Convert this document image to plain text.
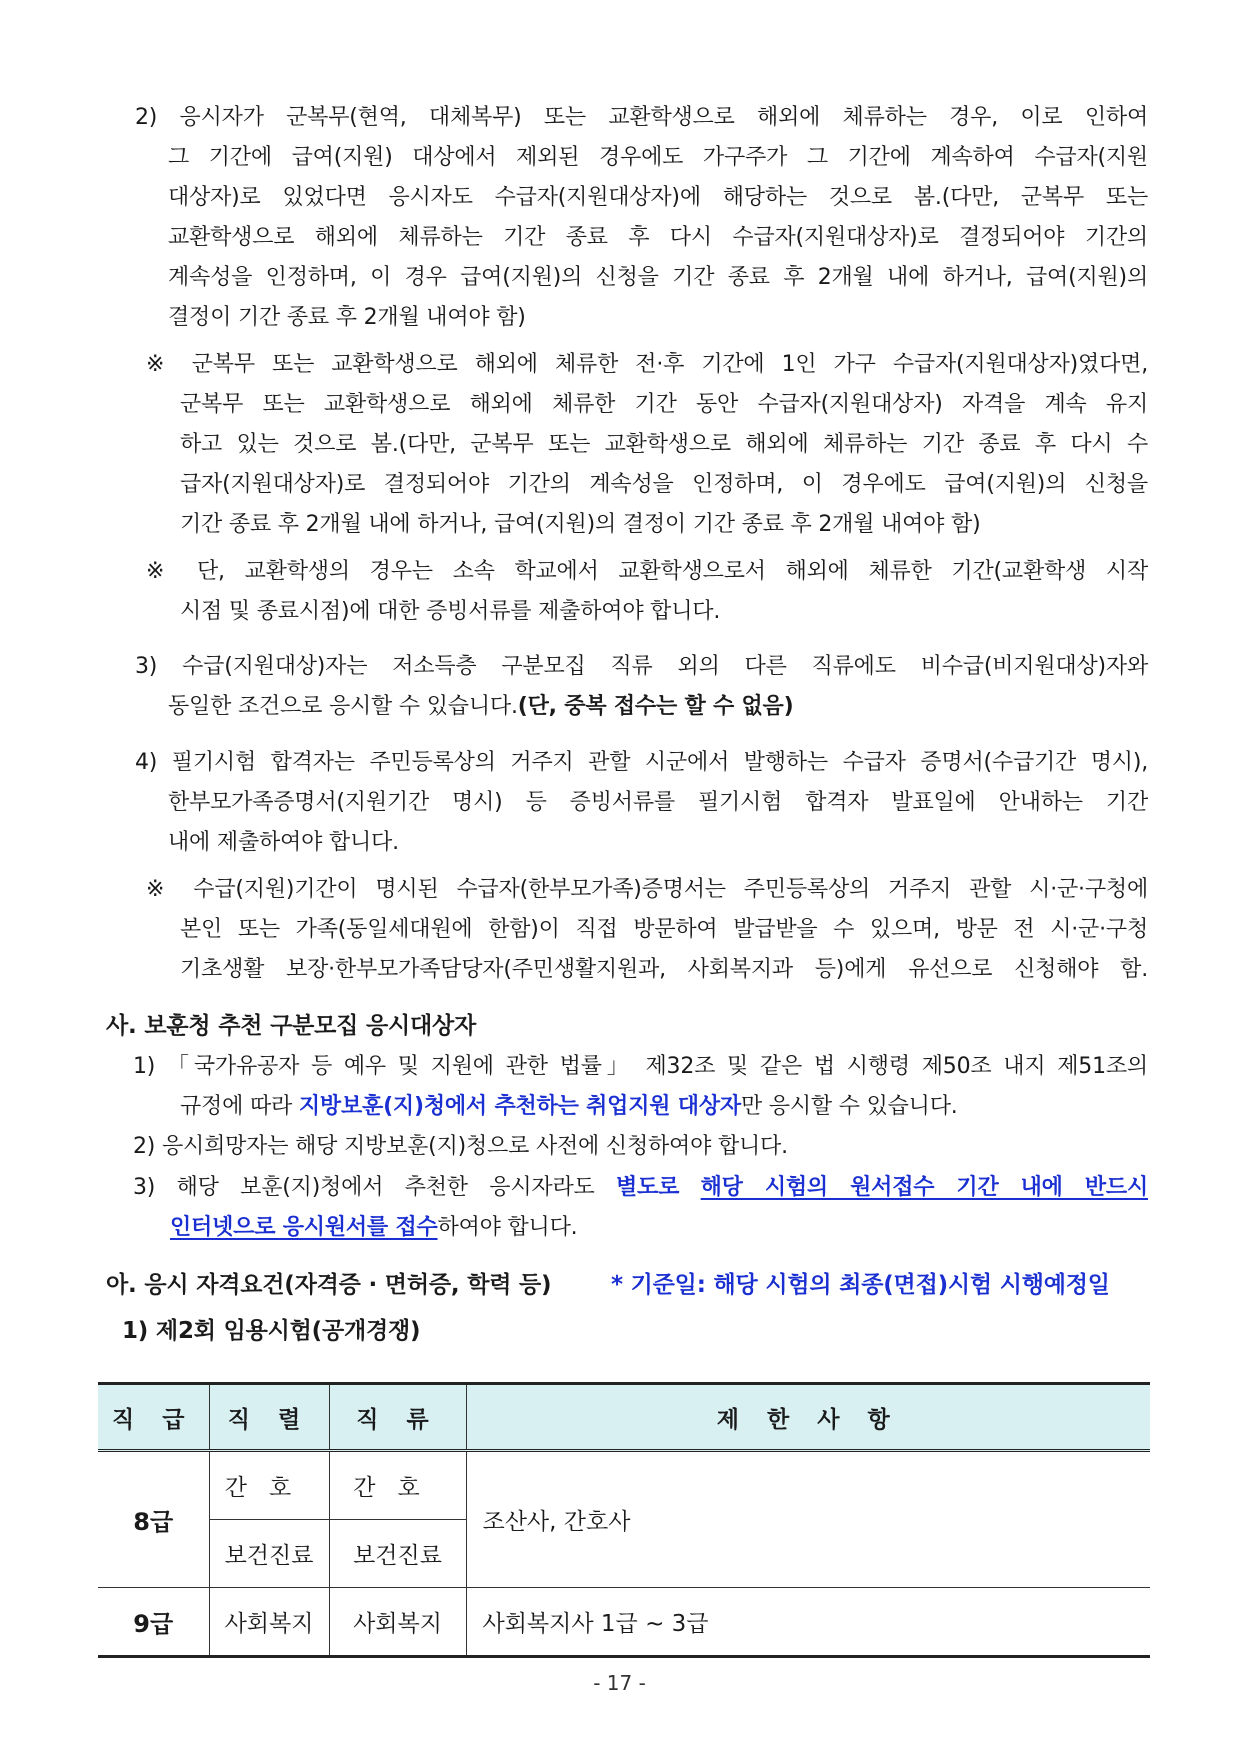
2) 응시자가 군복무(현역, 대체복무) 또는 교환학생으로 해외에 체류하는 경우, 이로 인하여
그 기간에 급여(지원) 대상에서 제외된 경우에도 가구주가 그 기간에 계속하여 수급자(지원
대상자)로 있었다면 응시자도 수급자(지원대상자)에 해당하는 것으로 봄.(다만, 군복무 또는
교환학생으로 해외에 체류하는 기간 종료 후 다시 수급자(지원대상자)로 결정되어야 기간의
계속성을 인정하며, 이 경우 급여(지원)의 신청을 기간 종료 후 2개월 내에 하거나, 급여(지원)의
결정이 기간 종료 후 2개월 내여야 함)
※ 군복무 또는 교환학생으로 해외에 체류한 전·후 기간에 1인 가구 수급자(지원대상자)였다면,
군복무 또는 교환학생으로 해외에 체류한 기간 동안 수급자(지원대상자) 자격을 계속 유지
하고 있는 것으로 봄.(다만, 군복무 또는 교환학생으로 해외에 체류하는 기간 종료 후 다시 수
급자(지원대상자)로 결정되어야 기간의 계속성을 인정하며, 이 경우에도 급여(지원)의 신청을
기간 종료 후 2개월 내에 하거나, 급여(지원)의 결정이 기간 종료 후 2개월 내여야 함)
※ 단, 교환학생의 경우는 소속 학교에서 교환학생으로서 해외에 체류한 기간(교환학생 시작
시점 및 종료시점)에 대한 증빙서류를 제출하여야 합니다.
3) 수급(지원대상)자는 저소득층 구분모집 직류 외의 다른 직류에도 비수급(비지원대상)자와
동일한 조건으로 응시할 수 있습니다.(단, 중복 접수는 할 수 없음)
4) 필기시험 합격자는 주민등록상의 거주지 관할 시군에서 발행하는 수급자 증명서(수급기간 명시),
한부모가족증명서(지원기간 명시) 등 증빙서류를 필기시험 합격자 발표일에 안내하는 기간
내에 제출하여야 합니다.
※ 수급(지원)기간이 명시된 수급자(한부모가족)증명서는 주민등록상의 거주지 관할 시·군·구청에
본인 또는 가족(동일세대원에 한함)이 직접 방문하여 발급받을 수 있으며, 방문 전 시·군·구청
기초생활 보장·한부모가족담당자(주민생활지원과, 사회복지과 등)에게 유선으로 신청해야 함.
사. 보훈청 추천 구분모집 응시대상자
1) 「국가유공자 등 예우 및 지원에 관한 법률」 제32조 및 같은 법 시행령 제50조 내지 제51조의
규정에 따라 지방보훈(지)청에서 추천하는 취업지원 대상자만 응시할 수 있습니다.
2) 응시희망자는 해당 지방보훈(지)청으로 사전에 신청하여야 합니다.
3) 해당 보훈(지)청에서 추천한 응시자라도 별도로 해당 시험의 원서접수 기간 내에 반드시
인터넷으로 응시원서를 접수하여야 합니다.
아. 응시 자격요건(자격증 · 면허증, 학력 등)	* 기준일: 해당 시험의 최종(면접)시험 시행예정일
1) 제2회 임용시험(공개경쟁)
직 급	직 렬	직 류	제 한 사 항
8급	간호	간호	조산사, 간호사
	보건진료	보건진료	
9급	사회복지	사회복지	사회복지사 1급 ~ 3급
- 17 -
